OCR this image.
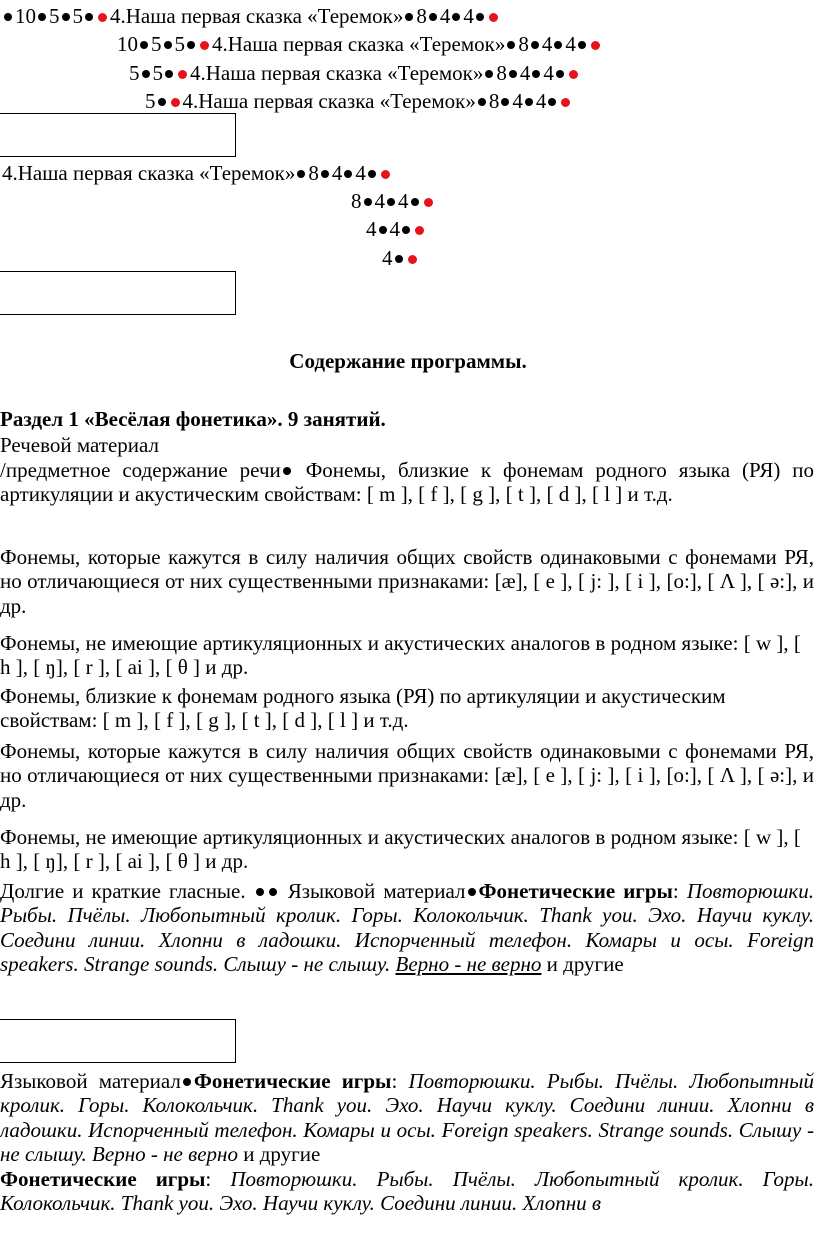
10 5 5 4.Наша первая сказка «Теремок» 8 4 4
10 5 5 4.Наша первая сказка «Теремок» 8 4 4
5 5 4.Наша первая сказка «Теремок» 8 4 4
5 4.Наша первая сказка «Теремок» 8 4 4
4.Наша первая сказка «Теремок» 8 4 4
8 4 4
4 4
4
Содержание программы.
Раздел 1 «Весёлая фонетика». 9 занятий.
Речевой материал

/предметное содержание речи Фонемы, близкие к фонемам родного языка (РЯ) по артикуляции и акустическим свойствам: [ m ], [ f ], [ g ], [ t ], [ d ], [ l ] и т.д.

Фонемы, которые кажутся в силу наличия общих свойств одинаковыми с фонемами РЯ, но отличающиеся от них существенными признаками: [æ], [ e ], [ j: ], [ i ], [o:], [ Λ ], [ ə:], и др.

Фонемы, не имеющие артикуляционных и акустических аналогов в родном языке: [ w ], [ h ], [ ŋ], [ r ], [ ai ], [ θ ] и др.

Фонемы, близкие к фонемам родного языка (РЯ) по артикуляции и акустическим свойствам: [ m ], [ f ], [ g ], [ t ], [ d ], [ l ] и т.д.

Фонемы, которые кажутся в силу наличия общих свойств одинаковыми с фонемами РЯ, но отличающиеся от них существенными признаками: [æ], [ e ], [ j: ], [ i ], [o:], [ Λ ], [ ə:], и др.

Фонемы, не имеющие артикуляционных и акустических аналогов в родном языке: [ w ], [ h ], [ ŋ], [ r ], [ ai ], [ θ ] и др.

Долгие и краткие гласные.  Языковой материал Фонетические игры: Повторюшки. Рыбы. Пчёлы. Любопытный кролик. Горы. Колокольчик. Thank you. Эхо. Научи куклу. Соедини линии. Хлопни в ладошки. Испорченный телефон. Комары и осы. Foreign speakers. Strange sounds. Слышу - не слышу. Верно - не верно и другие

Языковой материал Фонетические игры: Повторюшки. Рыбы. Пчёлы. Любопытный кролик. Горы. Колокольчик. Thank you. Эхо. Научи куклу. Соедини линии. Хлопни в ладошки. Испорченный телефон. Комары и осы. Foreign speakers. Strange sounds. Слышу - не слышу. Верно - не верно и другие
Фонетические игры: Повторюшки. Рыбы. Пчёлы. Любопытный кролик. Горы. Колокольчик. Thank you. Эхо. Научи куклу. Соедини линии. Хлопни в
